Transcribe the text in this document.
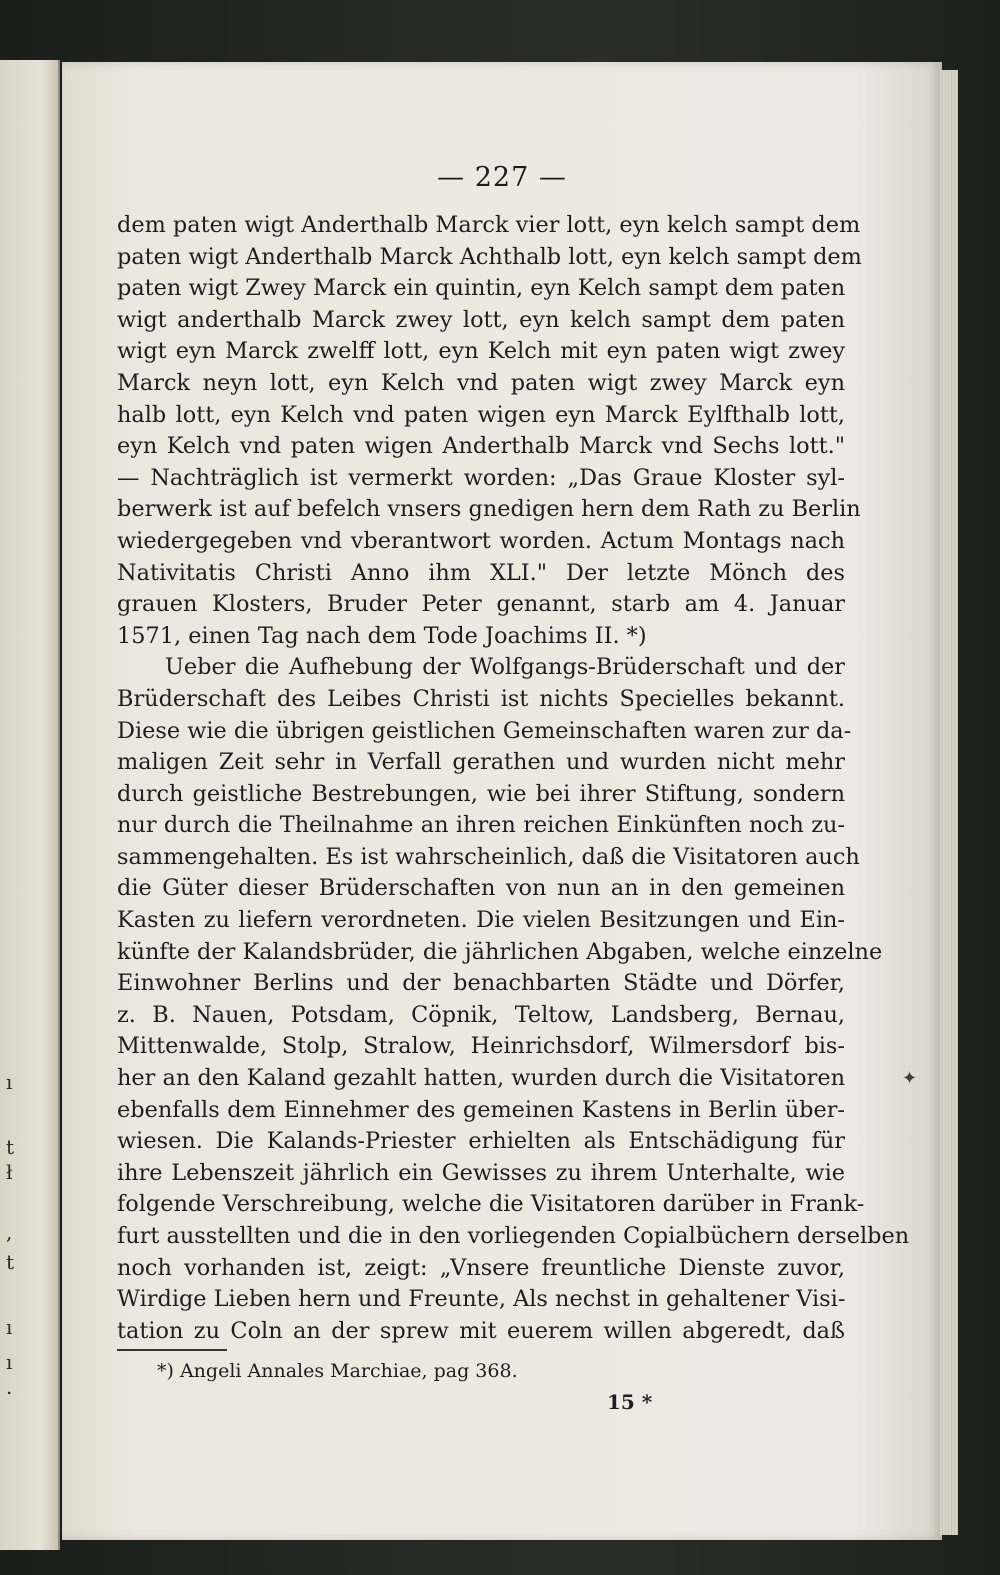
ı
t
ł
,
t
ı
ı
.
— 227 —
dem paten wigt Anderthalb Marck vier lott, eyn kelch sampt dem
paten wigt Anderthalb Marck Achthalb lott, eyn kelch sampt dem
paten wigt Zwey Marck ein quintin, eyn Kelch sampt dem paten
wigt anderthalb Marck zwey lott, eyn kelch sampt dem paten
wigt eyn Marck zwelff lott, eyn Kelch mit eyn paten wigt zwey
Marck neyn lott, eyn Kelch vnd paten wigt zwey Marck eyn
halb lott, eyn Kelch vnd paten wigen eyn Marck Eylfthalb lott,
eyn Kelch vnd paten wigen Anderthalb Marck vnd Sechs lott."
— Nachträglich ist vermerkt worden: „Das Graue Kloster syl-
berwerk ist auf befelch vnsers gnedigen hern dem Rath zu Berlin
wiedergegeben vnd vberantwort worden. Actum Montags nach
Nativitatis Christi Anno ihm XLI." Der letzte Mönch des
grauen Klosters, Bruder Peter genannt, starb am 4. Januar
1571, einen Tag nach dem Tode Joachims II. *)
Ueber die Aufhebung der Wolfgangs-Brüderschaft und der
Brüderschaft des Leibes Christi ist nichts Specielles bekannt.
Diese wie die übrigen geistlichen Gemeinschaften waren zur da-
maligen Zeit sehr in Verfall gerathen und wurden nicht mehr
durch geistliche Bestrebungen, wie bei ihrer Stiftung, sondern
nur durch die Theilnahme an ihren reichen Einkünften noch zu-
sammengehalten. Es ist wahrscheinlich, daß die Visitatoren auch
die Güter dieser Brüderschaften von nun an in den gemeinen
Kasten zu liefern verordneten. Die vielen Besitzungen und Ein-
künfte der Kalandsbrüder, die jährlichen Abgaben, welche einzelne
Einwohner Berlins und der benachbarten Städte und Dörfer,
z. B. Nauen, Potsdam, Cöpnik, Teltow, Landsberg, Bernau,
Mittenwalde, Stolp, Stralow, Heinrichsdorf, Wilmersdorf bis-
her an den Kaland gezahlt hatten, wurden durch die Visitatoren
ebenfalls dem Einnehmer des gemeinen Kastens in Berlin über-
wiesen. Die Kalands-Priester erhielten als Entschädigung für
ihre Lebenszeit jährlich ein Gewisses zu ihrem Unterhalte, wie
folgende Verschreibung, welche die Visitatoren darüber in Frank-
furt ausstellten und die in den vorliegenden Copialbüchern derselben
noch vorhanden ist, zeigt: „Vnsere freuntliche Dienste zuvor,
Wirdige Lieben hern und Freunte, Als nechst in gehaltener Visi-
tation zu Coln an der sprew mit euerem willen abgeredt, daß
*) Angeli Annales Marchiae, pag 368.
15 *
✦
